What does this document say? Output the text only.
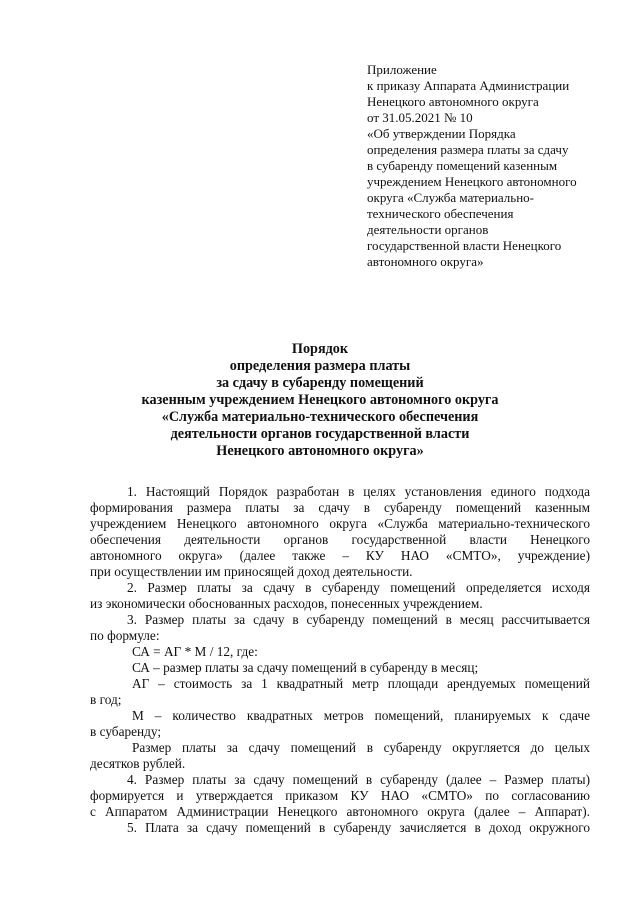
Приложение
к приказу Аппарата Администрации
Ненецкого автономного округа
от 31.05.2021 № 10
«Об утверждении Порядка
определения размера платы за сдачу
в субаренду помещений казенным
учреждением Ненецкого автономного
округа «Служба материально-
технического обеспечения
деятельности органов
государственной власти Ненецкого
автономного округа»
Порядок
определения размера платы
за сдачу в субаренду помещений
казенным учреждением Ненецкого автономного округа
«Служба материально-технического обеспечения
деятельности органов государственной власти
Ненецкого автономного округа»
1. Настоящий Порядок разработан в целях установления единого подхода
формирования размера платы за сдачу в субаренду помещений казенным
учреждением Ненецкого автономного округа «Служба материально-технического
обеспечения деятельности органов государственной власти Ненецкого
автономного округа» (далее также – КУ НАО «СМТО», учреждение)
при осуществлении им приносящей доход деятельности.
2. Размер платы за сдачу в субаренду помещений определяется исходя
из экономически обоснованных расходов, понесенных учреждением.
3. Размер платы за сдачу в субаренду помещений в месяц рассчитывается
по формуле:
СА = АГ * М / 12, где:
СА – размер платы за сдачу помещений в субаренду в месяц;
АГ – стоимость за 1 квадратный метр площади арендуемых помещений
в год;
М – количество квадратных метров помещений, планируемых к сдаче
в субаренду;
Размер платы за сдачу помещений в субаренду округляется до целых
десятков рублей.
4. Размер платы за сдачу помещений в субаренду (далее – Размер платы)
формируется и утверждается приказом КУ НАО «СМТО» по согласованию
с Аппаратом Администрации Ненецкого автономного округа (далее – Аппарат).
5. Плата за сдачу помещений в субаренду зачисляется в доход окружного
